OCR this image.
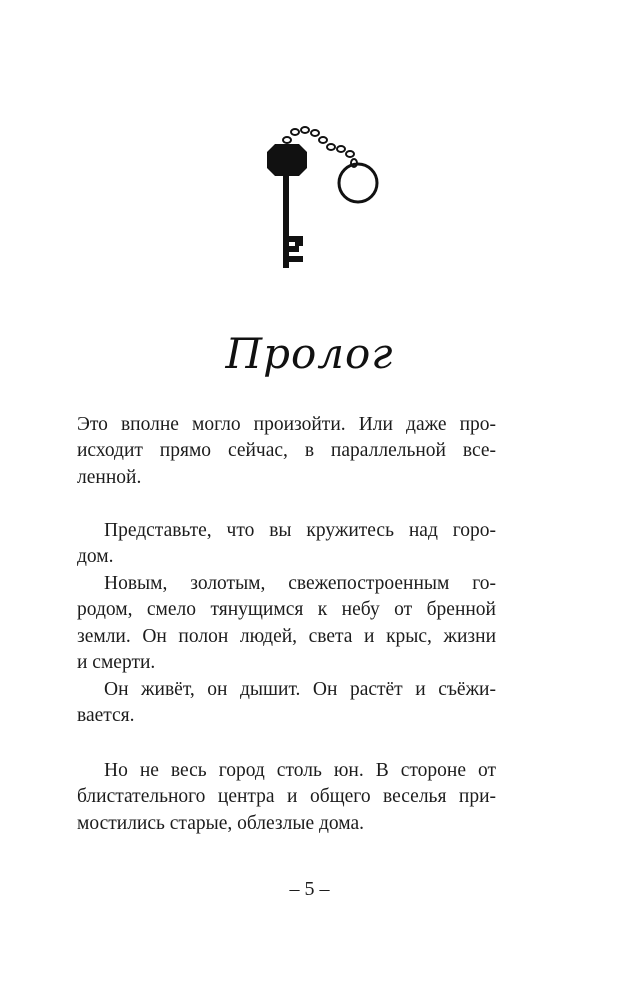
Пролог
Это вполне могло произойти. Или даже про-
исходит прямо сейчас, в параллельной все-
ленной.
Представьте, что вы кружитесь над горо-
дом.
Новым, золотым, свежепостроенным го-
родом, смело тянущимся к небу от бренной
земли. Он полон людей, света и крыс, жизни
и смерти.
Он живёт, он дышит. Он растёт и съёжи-
вается.
Но не весь город столь юн. В стороне от
блистательного центра и общего веселья при-
мостились старые, облезлые дома.
– 5 –
